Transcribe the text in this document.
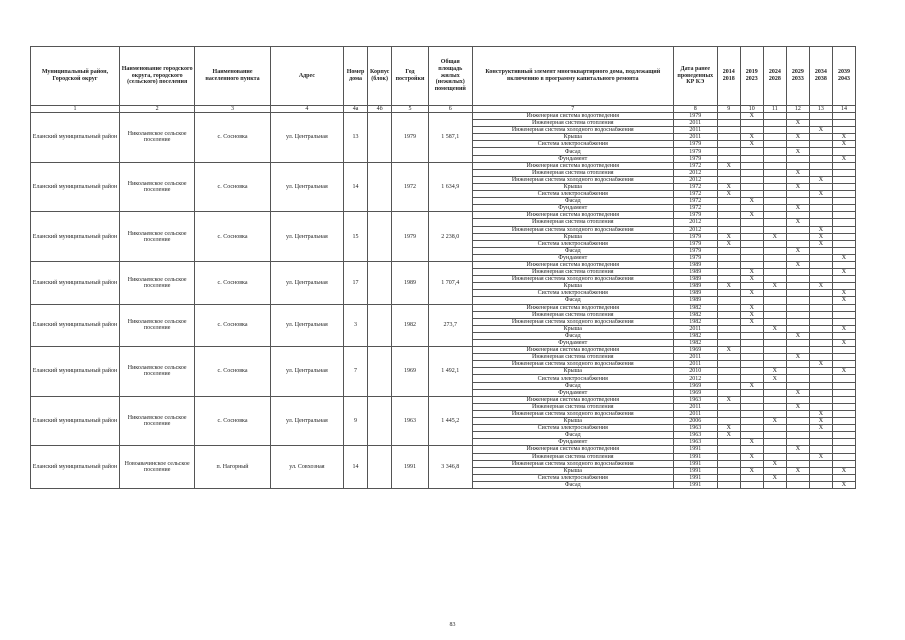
Муниципальный район, Городской округ	Наименование городского округа, городского (сельского) поселения	Наименование населенного пункта	Адрес	Номер дома	Корпус (блок)	Год постройки	Общая площадь жилых (нежилых) помещений	Конструктивный элемент многоквартирного дома, подлежащий включению в программу капитального ремонта	Дата ранее проведенных КР КЭ	2014 2018	2019 2023	2024 2028	2029 2033	2034 2038	2039 2043
1	2	3	4	4а	4б	5	6	7	8	9	10	11	12	13	14
Еланский муниципальный район	Николаевское сельское поселение	с. Сосновка	ул. Центральная	13		1979	1 587,1	Инженерная система водоотведения	1979		X				
								Инженерная система отопления	2011				X		
								Инженерная система холодного водоснабжения	2011					X	
								Крыша	2011		X		X		X
								Система электроснабжения	1979		X				X
								Фасад	1979				X		
								Фундамент	1979						X
Еланский муниципальный район	Николаевское сельское поселение	с. Сосновка	ул. Центральная	14		1972	1 634,9	Инженерная система водоотведения	1972	X					
								Инженерная система отопления	2012				X		
								Инженерная система холодного водоснабжения	2012					X	
								Крыша	1972	X			X		
								Система электроснабжения	1972	X				X	
								Фасад	1972		X				
								Фундамент	1972				X		
Еланский муниципальный район	Николаевское сельское поселение	с. Сосновка	ул. Центральная	15		1979	2 238,0	Инженерная система водоотведения	1979		X				
								Инженерная система отопления	2012				X		
								Инженерная система холодного водоснабжения	2012					X	
								Крыша	1979	X		X		X	
								Система электроснабжения	1979	X				X	
								Фасад	1979				X		
								Фундамент	1979						X
Еланский муниципальный район	Николаевское сельское поселение	с. Сосновка	ул. Центральная	17		1989	1 707,4	Инженерная система водоотведения	1989				X		
								Инженерная система отопления	1989		X				X
								Инженерная система холодного водоснабжения	1989		X				
								Крыша	1989	X		X		X	
								Система электроснабжения	1989		X				X
								Фасад	1989						X
Еланский муниципальный район	Николаевское сельское поселение	с. Сосновка	ул. Центральная	3		1982	273,7	Инженерная система водоотведения	1982		X				
								Инженерная система отопления	1982		X				
								Инженерная система холодного водоснабжения	1982		X				
								Крыша	2011			X			X
								Фасад	1982				X		
								Фундамент	1982						X
Еланский муниципальный район	Николаевское сельское поселение	с. Сосновка	ул. Центральная	7		1969	1 492,1	Инженерная система водоотведения	1969	X					
								Инженерная система отопления	2011				X		
								Инженерная система холодного водоснабжения	2011					X	
								Крыша	2010			X			X
								Система электроснабжения	2012			X			
								Фасад	1969		X				
								Фундамент	1969				X		
Еланский муниципальный район	Николаевское сельское поселение	с. Сосновка	ул. Центральная	9		1963	1 445,2	Инженерная система водоотведения	1963	X					
								Инженерная система отопления	2011				X		
								Инженерная система холодного водоснабжения	2011					X	
								Крыша	2006			X		X	
								Система электроснабжения	1963	X				X	
								Фасад	1963	X					
								Фундамент	1963		X				
Еланский муниципальный район	Новоавачинское сельское поселение	п. Нагорный	ул. Совхозная	14		1991	3 346,8	Инженерная система водоотведения	1991				X		
								Инженерная система отопления	1991		X			X	
								Инженерная система холодного водоснабжения	1991			X			
								Крыша	1991		X		X		X
								Система электроснабжения	1991			X			
								Фасад	1991						X
83
